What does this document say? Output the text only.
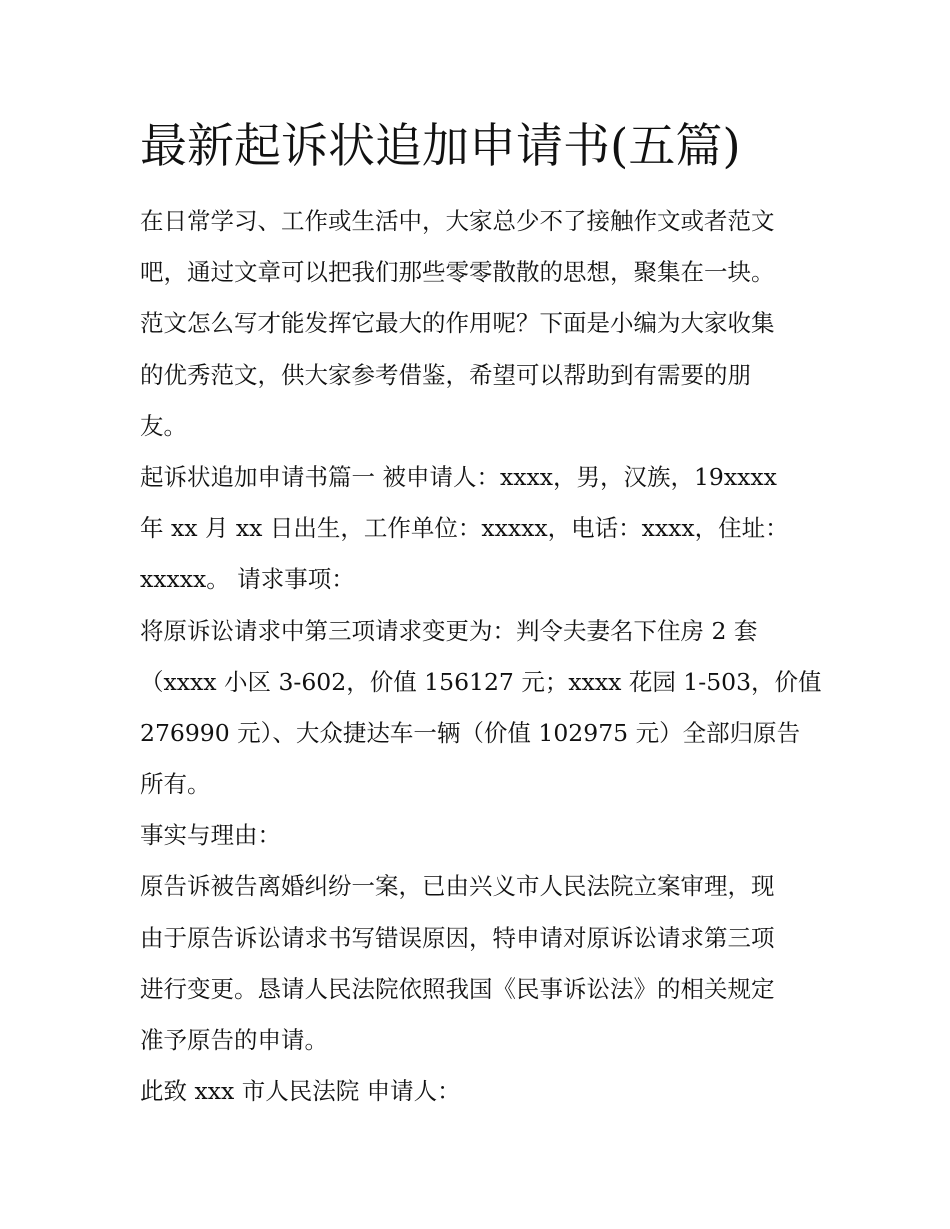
最新起诉状追加申请书(五篇)

在日常学习、工作或生活中，大家总少不了接触作文或者范文
吧，通过文章可以把我们那些零零散散的思想，聚集在一块。
范文怎么写才能发挥它最大的作用呢？下面是小编为大家收集
的优秀范文，供大家参考借鉴，希望可以帮助到有需要的朋
友。

起诉状追加申请书篇一 被申请人：xxxx，男，汉族，19xxxx
年 xx 月 xx 日出生，工作单位：xxxxx，电话：xxxx，住址：
xxxxx。 请求事项：

将原诉讼请求中第三项请求变更为：判令夫妻名下住房 2 套
（xxxx 小区 3-602，价值 156127 元；xxxx 花园 1-503，价值
276990 元）、大众捷达车一辆（价值 102975 元）全部归原告
所有。

事实与理由：

原告诉被告离婚纠纷一案，已由兴义市人民法院立案审理，现
由于原告诉讼请求书写错误原因，特申请对原诉讼请求第三项
进行变更。恳请人民法院依照我国《民事诉讼法》的相关规定
准予原告的申请。

此致 xxx 市人民法院 申请人：
